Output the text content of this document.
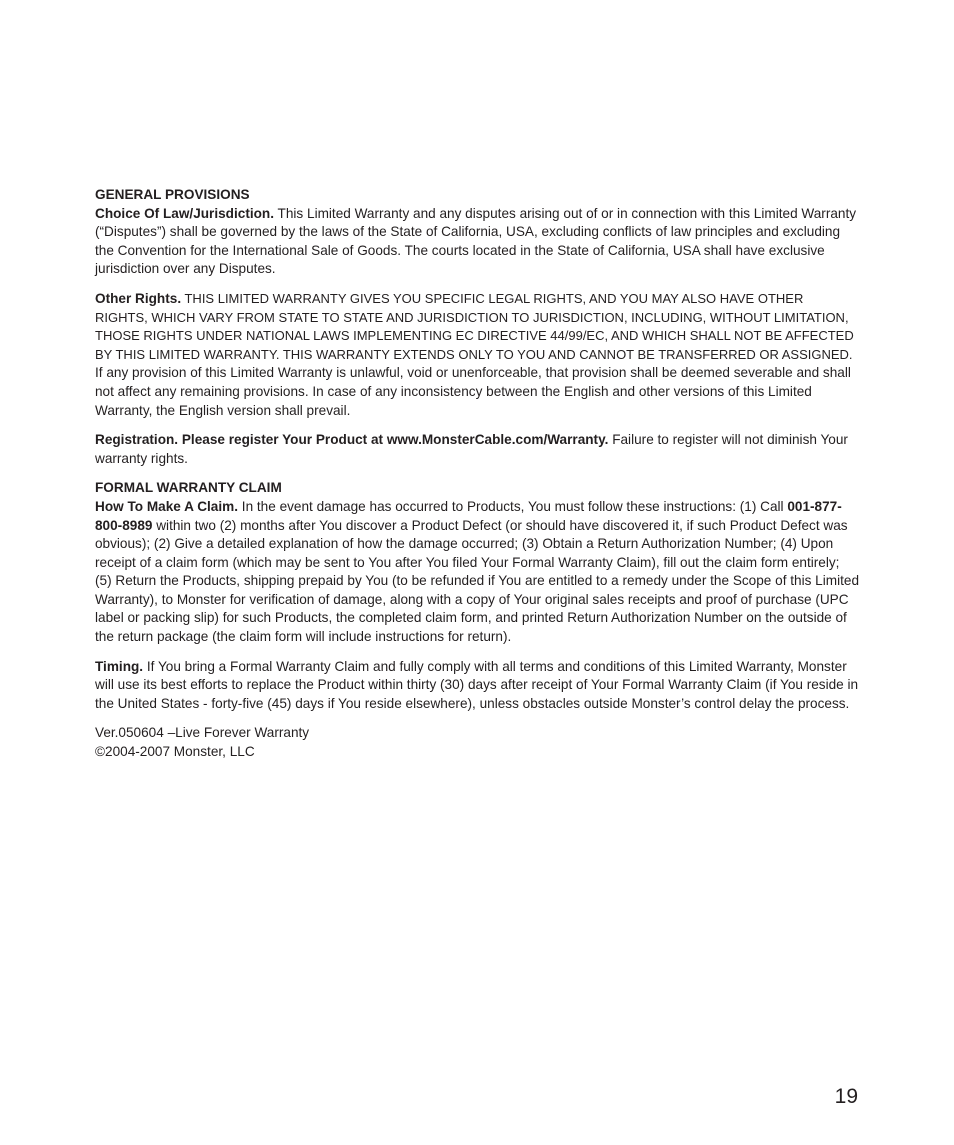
GENERAL PROVISIONS

Choice Of Law/Jurisdiction. This Limited Warranty and any disputes arising out of or in connection with this Limited Warranty (“Disputes”) shall be governed by the laws of the State of California, USA, excluding conflicts of law principles and excluding the Convention for the International Sale of Goods. The courts located in the State of California, USA shall have exclusive jurisdiction over any Disputes.

Other Rights. THIS LIMITED WARRANTY GIVES YOU SPECIFIC LEGAL RIGHTS, AND YOU MAY ALSO HAVE OTHER RIGHTS, WHICH VARY FROM STATE TO STATE AND JURISDICTION TO JURISDICTION, INCLUDING, WITHOUT LIMITATION, THOSE RIGHTS UNDER NATIONAL LAWS IMPLEMENTING EC DIRECTIVE 44/99/EC, AND WHICH SHALL NOT BE AFFECTED BY THIS LIMITED WARRANTY. THIS WARRANTY EXTENDS ONLY TO YOU AND CANNOT BE TRANSFERRED OR ASSIGNED. If any provision of this Limited Warranty is unlawful, void or unenforceable, that provision shall be deemed severable and shall not affect any remaining provisions. In case of any inconsistency between the English and other versions of this Limited Warranty, the English version shall prevail.

Registration. Please register Your Product at www.MonsterCable.com/Warranty. Failure to register will not diminish Your warranty rights.

FORMAL WARRANTY CLAIM

How To Make A Claim. In the event damage has occurred to Products, You must follow these instructions: (1) Call 001-877-800-8989 within two (2) months after You discover a Product Defect (or should have discovered it, if such Product Defect was obvious); (2) Give a detailed explanation of how the damage occurred; (3) Obtain a Return Authorization Number; (4) Upon receipt of a claim form (which may be sent to You after You filed Your Formal Warranty Claim), fill out the claim form entirely; (5) Return the Products, shipping prepaid by You (to be refunded if You are entitled to a remedy under the Scope of this Limited Warranty), to Monster for verification of damage, along with a copy of Your original sales receipts and proof of purchase (UPC label or packing slip) for such Products, the completed claim form, and printed Return Authorization Number on the outside of the return package (the claim form will include instructions for return).

Timing. If You bring a Formal Warranty Claim and fully comply with all terms and conditions of this Limited Warranty, Monster will use its best efforts to replace the Product within thirty (30) days after receipt of Your Formal Warranty Claim (if You reside in the United States - forty-five (45) days if You reside elsewhere), unless obstacles outside Monster’s control delay the process.

Ver.050604 –Live Forever Warranty

©2004-2007 Monster, LLC

19
